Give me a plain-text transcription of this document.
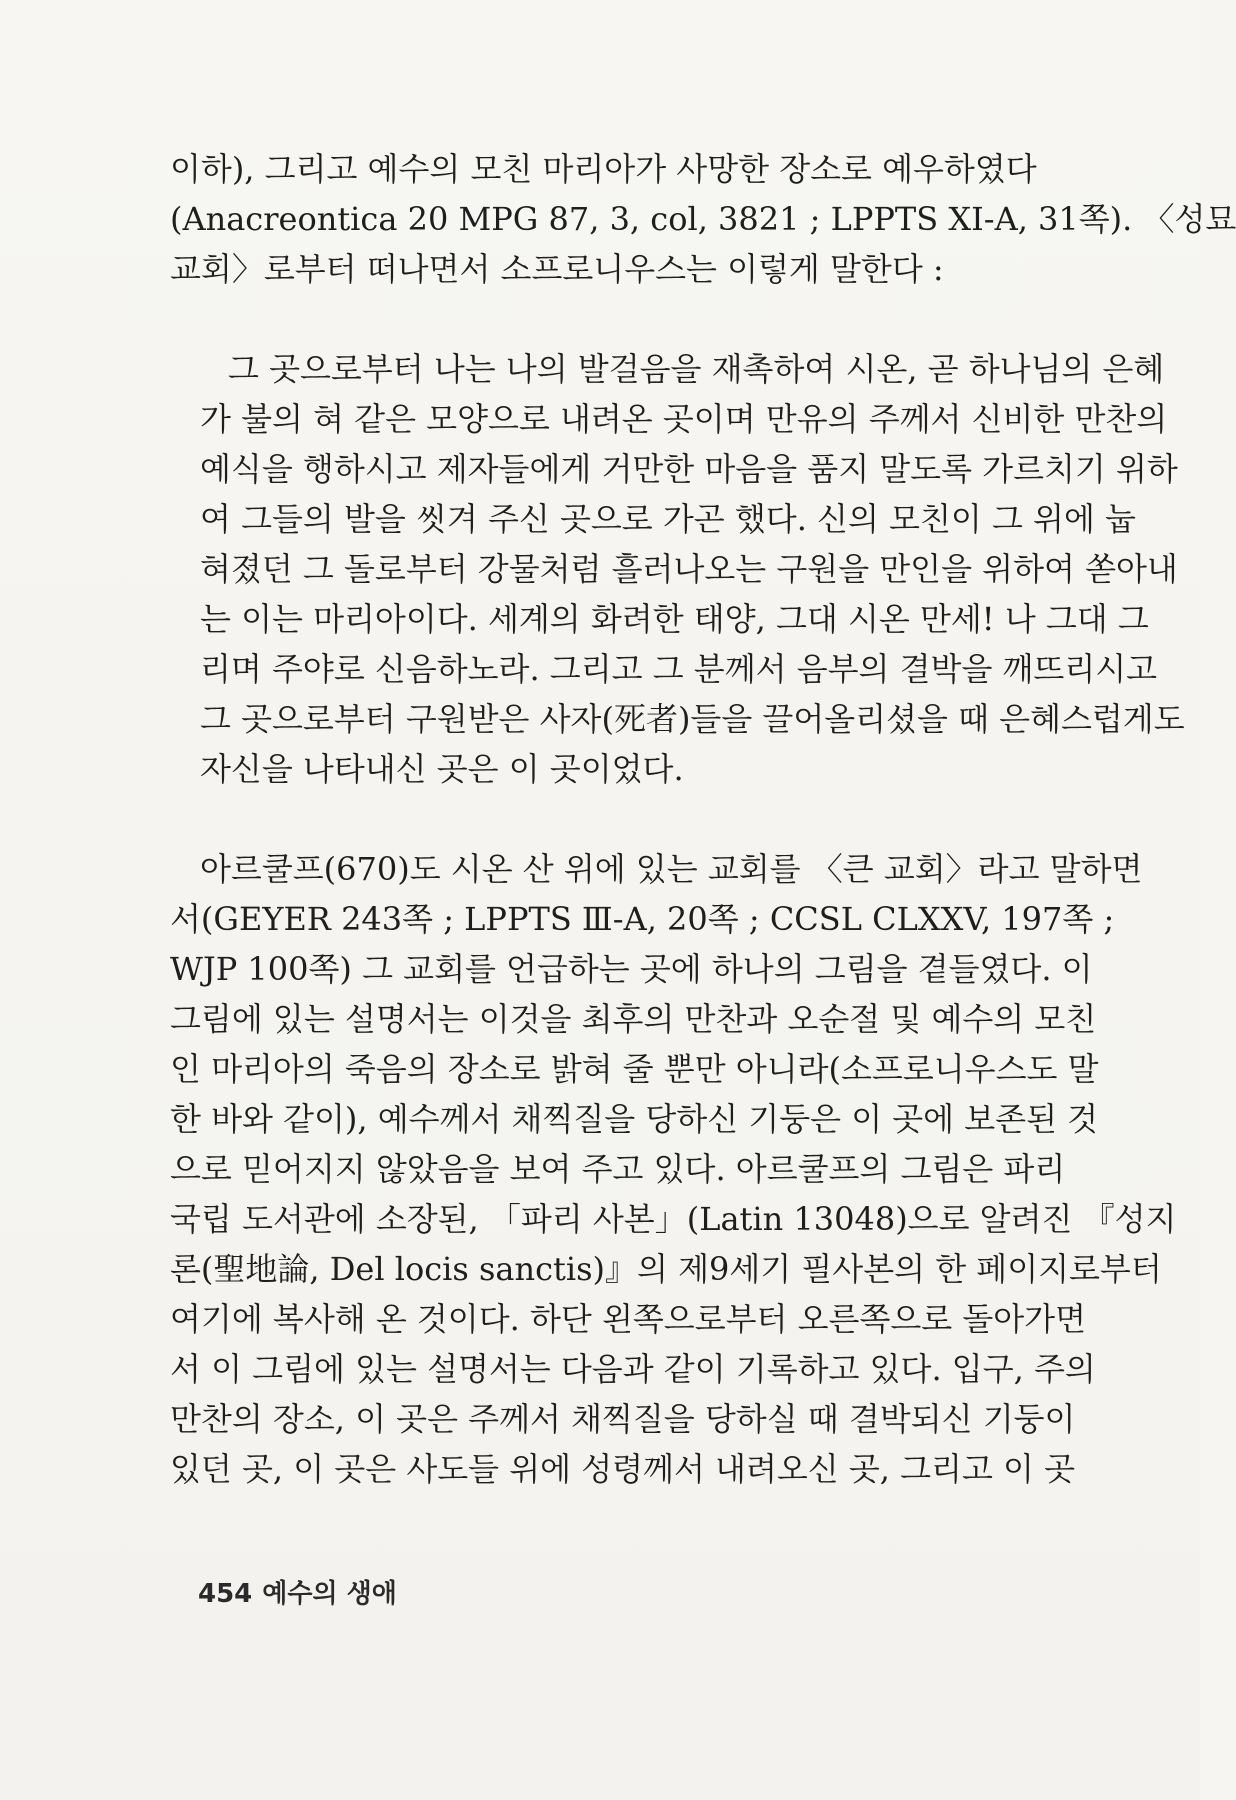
이하), 그리고 예수의 모친 마리아가 사망한 장소로 예우하였다
(Anacreontica 20 MPG 87, 3, col, 3821 ; LPPTS XI-A, 31쪽). 〈성묘
교회〉로부터 떠나면서 소프로니우스는 이렇게 말한다 :
그 곳으로부터 나는 나의 발걸음을 재촉하여 시온, 곧 하나님의 은혜
가 불의 혀 같은 모양으로 내려온 곳이며 만유의 주께서 신비한 만찬의
예식을 행하시고 제자들에게 거만한 마음을 품지 말도록 가르치기 위하
여 그들의 발을 씻겨 주신 곳으로 가곤 했다. 신의 모친이 그 위에 눕
혀졌던 그 돌로부터 강물처럼 흘러나오는 구원을 만인을 위하여 쏟아내
는 이는 마리아이다. 세계의 화려한 태양, 그대 시온 만세! 나 그대 그
리며 주야로 신음하노라. 그리고 그 분께서 음부의 결박을 깨뜨리시고
그 곳으로부터 구원받은 사자(死者)들을 끌어올리셨을 때 은혜스럽게도
자신을 나타내신 곳은 이 곳이었다.
아르쿨프(670)도 시온 산 위에 있는 교회를 〈큰 교회〉라고 말하면
서(GEYER 243쪽 ; LPPTS Ⅲ-A, 20쪽 ; CCSL CLXXV, 197쪽 ;
WJP 100쪽) 그 교회를 언급하는 곳에 하나의 그림을 곁들였다. 이
그림에 있는 설명서는 이것을 최후의 만찬과 오순절 및 예수의 모친
인 마리아의 죽음의 장소로 밝혀 줄 뿐만 아니라(소프로니우스도 말
한 바와 같이), 예수께서 채찍질을 당하신 기둥은 이 곳에 보존된 것
으로 믿어지지 않았음을 보여 주고 있다. 아르쿨프의 그림은 파리
국립 도서관에 소장된, 「파리 사본」(Latin 13048)으로 알려진 『성지
론(聖地論, Del locis sanctis)』의 제9세기 필사본의 한 페이지로부터
여기에 복사해 온 것이다. 하단 왼쪽으로부터 오른쪽으로 돌아가면
서 이 그림에 있는 설명서는 다음과 같이 기록하고 있다. 입구, 주의
만찬의 장소, 이 곳은 주께서 채찍질을 당하실 때 결박되신 기둥이
있던 곳, 이 곳은 사도들 위에 성령께서 내려오신 곳, 그리고 이 곳
454 예수의 생애
